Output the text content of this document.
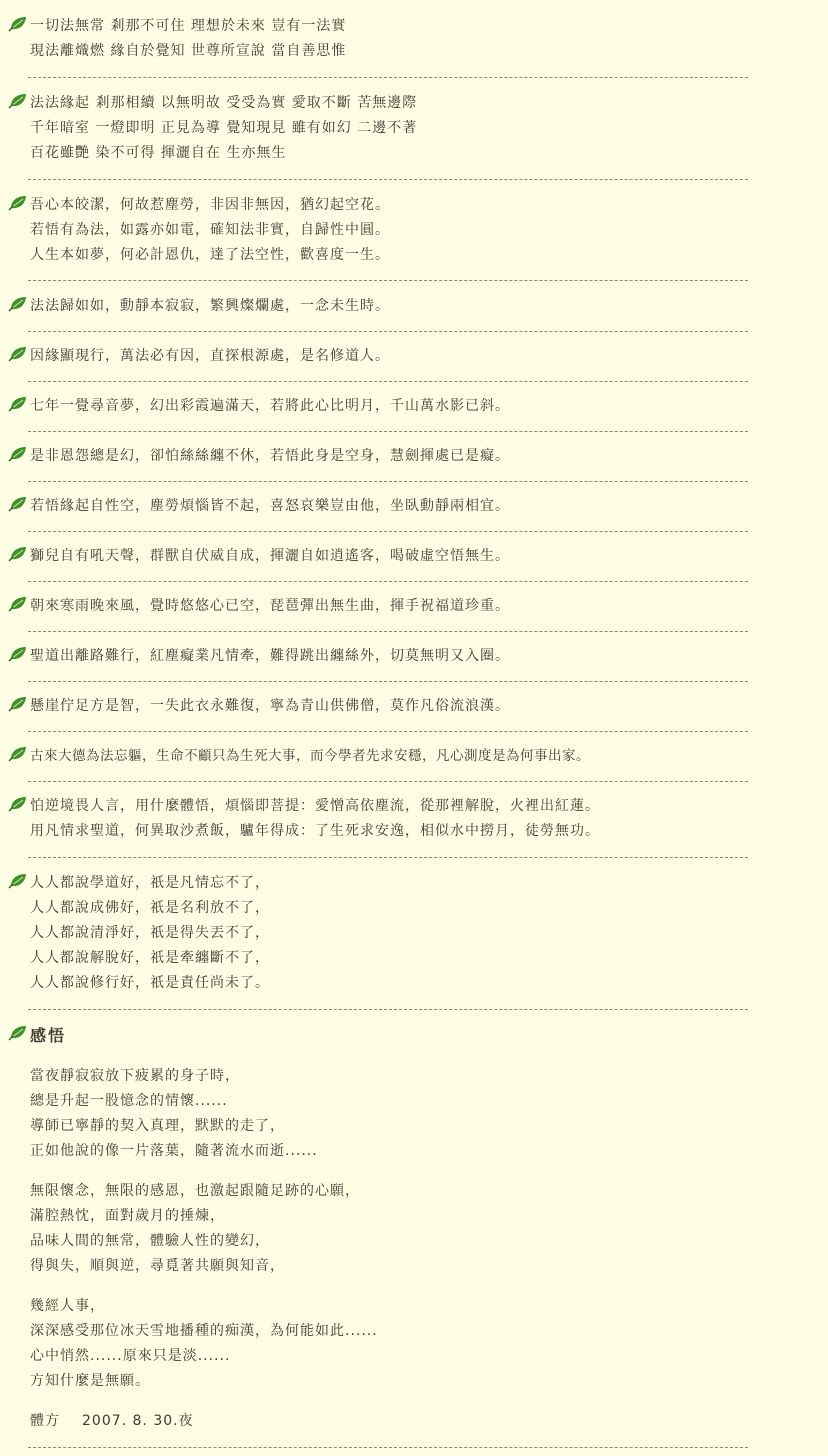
一切法無常 剎那不可住 理想於未來 豈有一法實
現法離熾燃 緣自於覺知 世尊所宣說 當自善思惟
法法緣起 剎那相續 以無明故 受受為實 愛取不斷 苦無邊際
千年暗室 一燈即明 正見為導 覺知現見 雖有如幻 二邊不著
百花雖艷 染不可得 揮灑自在 生亦無生
吾心本皎潔，何故惹塵勞，非因非無因，猶幻起空花。
若悟有為法，如露亦如電，確知法非實，自歸性中圓。
人生本如夢，何必計恩仇，達了法空性，歡喜度一生。
法法歸如如，動靜本寂寂，繁興燦爛處，一念未生時。
因緣顯現行，萬法必有因，直探根源處，是名修道人。
七年一覺尋音夢，幻出彩霞遍滿天，若將此心比明月，千山萬水影已斜。
是非恩怨總是幻，卻怕絲絲纏不休，若悟此身是空身，慧劍揮處已是癡。
若悟緣起自性空，塵勞煩惱皆不起，喜怒哀樂豈由他，坐臥動靜兩相宜。
獅兒自有吼天聲，群獸自伏威自成，揮灑自如逍遙客，喝破虛空悟無生。
朝來寒雨晚來風，覺時悠悠心已空，琵琶彈出無生曲，揮手祝福道珍重。
聖道出離路難行，紅塵癡業凡情牽，難得跳出纏絲外，切莫無明又入圈。
懸崖佇足方是智，一失此衣永難復，寧為青山供佛僧，莫作凡俗流浪漢。
古來大德為法忘軀，生命不顧只為生死大事，而今學者先求安穩，凡心測度是為何事出家。
怕逆境畏人言，用什麼體悟，煩惱即菩提：愛憎高依塵流，從那裡解脫，火裡出紅蓮。
用凡情求聖道，何異取沙煮飯，驢年得成：了生死求安逸，相似水中撈月，徒勞無功。
人人都說學道好，祇是凡情忘不了，
人人都說成佛好，祇是名利放不了，
人人都說清淨好，祇是得失丟不了，
人人都說解脫好，祇是牽纏斷不了，
人人都說修行好，祇是責任尚未了。
感悟
當夜靜寂寂放下疲累的身子時，
總是升起一股憶念的情懷......
導師已寧靜的契入真理，默默的走了，
正如他說的像一片落葉，隨著流水而逝......
無限懷念，無限的感恩，也激起跟隨足跡的心願，
滿腔熱忱，面對歲月的捶煉，
品味人間的無常，體驗人性的變幻，
得與失，順與逆，尋覓著共願與知音，
幾經人事，
深深感受那位冰天雪地播種的痴漢，為何能如此......
心中悄然......原來只是淡......
方知什麼是無願。
體方 2007. 8. 30.夜
